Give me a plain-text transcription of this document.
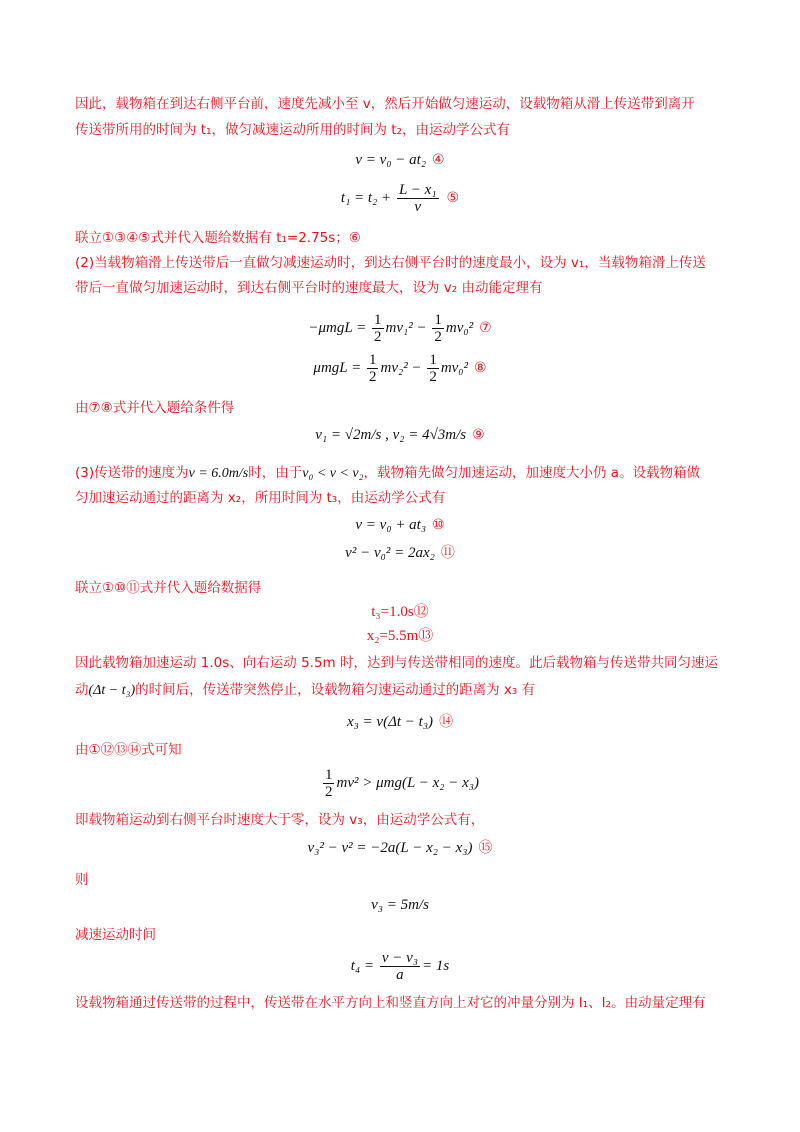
因此，载物箱在到达右侧平台前，速度先减小至 v，然后开始做匀速运动，设载物箱从滑上传送带到离开
传送带所用的时间为 t₁，做匀减速运动所用的时间为 t₂，由运动学公式有
v = v₀ − at₂ ④
$t_1 = t_2 + \frac{\text{L − x₁}}{v}$ ⑤
联立①③④⑤式并代入题给数据有 t₁=2.75s；⑥
(2)当载物箱滑上传送带后一直做匀减速运动时，到达右侧平台时的速度最小，设为 v₁，当载物箱滑上传送
带后一直做匀加速运动时，到达右侧平台时的速度最大，设为 v₂ 由动能定理有
$-\mu mgL = \frac{1}{2} mv_1^2 - \frac{1}{2} mv_0^2$ ⑦
$\mu mgL = \frac{1}{2} mv_2^2 - \frac{1}{2} mv_0^2$ ⑧
由⑦⑧式并代入题给条件得
v₁ = √2m/s , v₂ = 4√3m/s ⑨
(3)传送带的速度为v = 6.0m/s时，由于v₀ < v < v₂，载物箱先做匀加速运动，加速度大小仍 a。设载物箱做
匀加速运动通过的距离为 x₂，所用时间为 t₃，由运动学公式有
v = v₀ + at₃ ⑩
v² − v₀² = 2ax₂ ⑪
联立①⑩⑪式并代入题给数据得
t₃=1.0s⑫
x₂=5.5m⑬
因此载物箱加速运动 1.0s、向右运动 5.5m 时，达到与传送带相同的速度。此后载物箱与传送带共同匀速运
动(Δt − t₃)的时间后，传送带突然停止，设载物箱匀速运动通过的距离为 x₃ 有
x₃ = v(Δt − t₃) ⑭
由①⑫⑬⑭式可知
$\frac{1}{2} mv^2 > \mu mg(L - x_2 - x_3)$
即载物箱运动到右侧平台时速度大于零，设为 v₃，由运动学公式有，
v₃² − v² = −2a(L − x₂ − x₃) ⑮
则
v₃ = 5m/s
减速运动时间
$t_4 = \frac{\text{v − v₃}}{a} = 1s$
设载物箱通过传送带的过程中，传送带在水平方向上和竖直方向上对它的冲量分别为 I₁、I₂。由动量定理有
